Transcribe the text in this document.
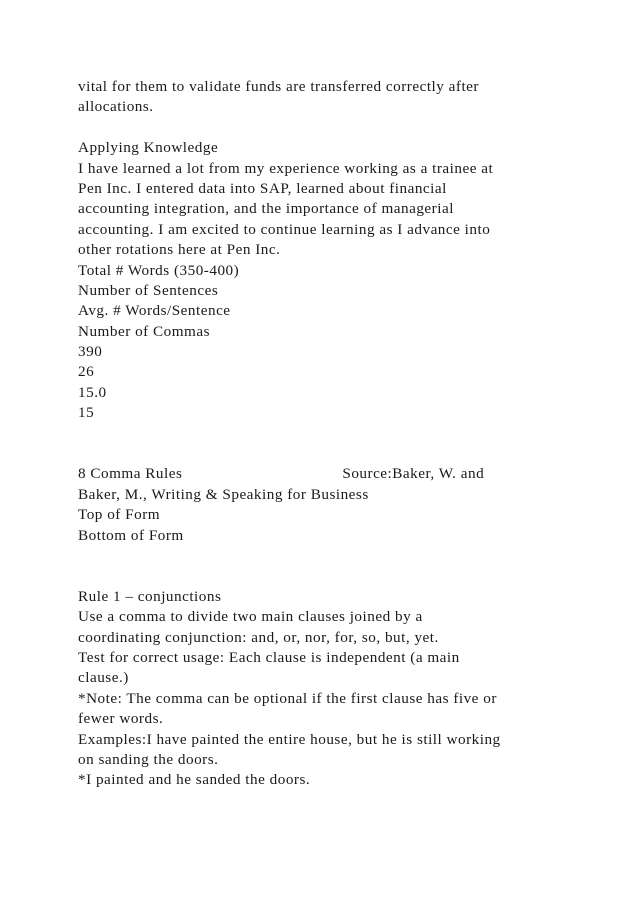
vital for them to validate funds are transferred correctly after
allocations.
Applying Knowledge
I have learned a lot from my experience working as a trainee at
Pen Inc. I entered data into SAP, learned about financial
accounting integration, and the importance of managerial
accounting. I am excited to continue learning as I advance into
other rotations here at Pen Inc.
Total # Words (350-400)
Number of Sentences
Avg. # Words/Sentence
Number of Commas
390
26
15.0
15
8 Comma Rules	Source:Baker, W. and
Baker, M., Writing & Speaking for Business
Top of Form
Bottom of Form
Rule 1 – conjunctions
Use a comma to divide two main clauses joined by a
coordinating conjunction: and, or, nor, for, so, but, yet.
Test for correct usage: Each clause is independent (a main
clause.)
*Note: The comma can be optional if the first clause has five or
fewer words.
Examples:I have painted the entire house, but he is still working
on sanding the doors.
*I painted and he sanded the doors.
